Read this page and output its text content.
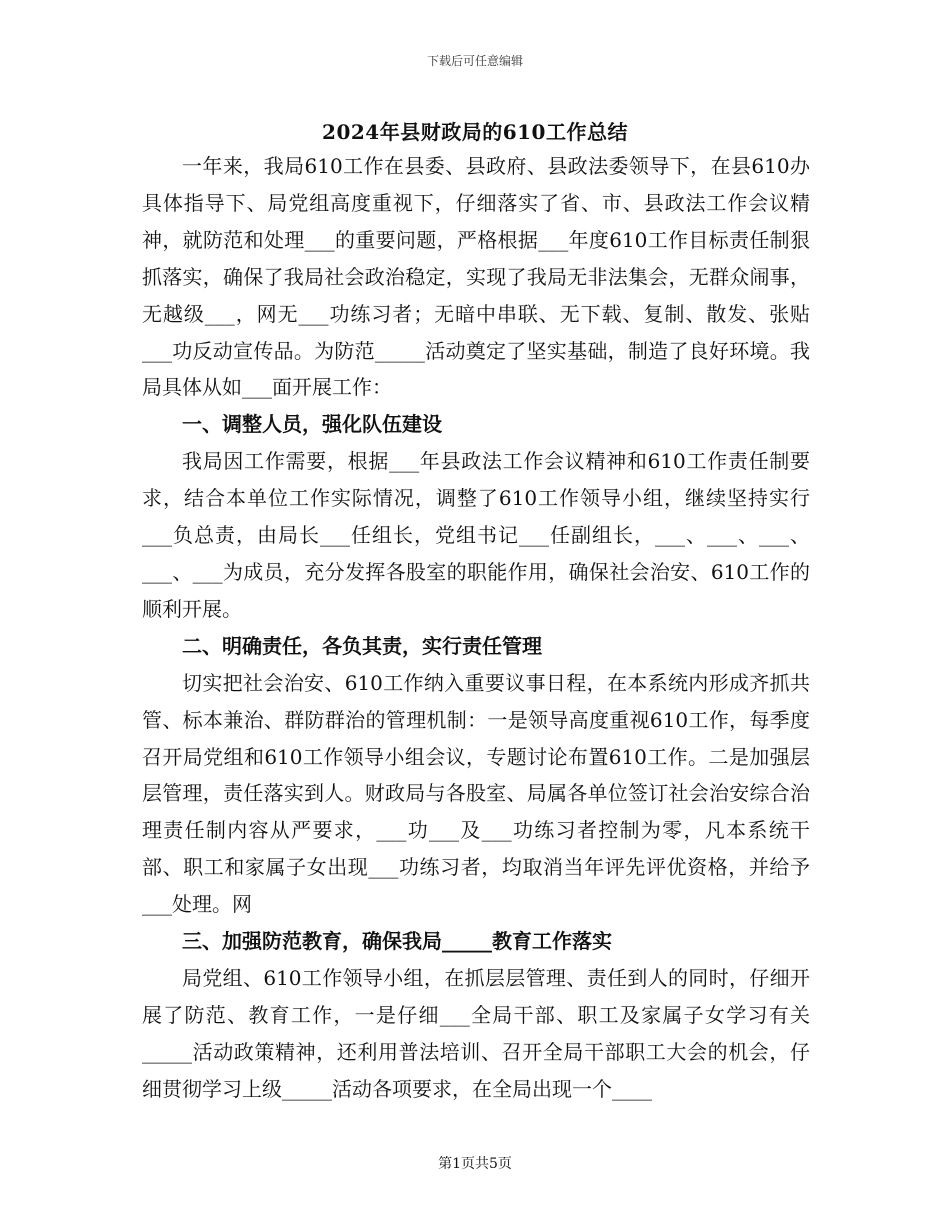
下载后可任意编辑
2024年县财政局的610工作总结

一年来，我局610工作在县委、县政府、县政法委领导下，在县610办具体指导下、局党组高度重视下，仔细落实了省、市、县政法工作会议精神，就防范和处理___的重要问题，严格根据___年度610工作目标责任制狠抓落实，确保了我局社会政治稳定，实现了我局无非法集会，无群众闹事，无越级___，网无___功练习者；无暗中串联、无下载、复制、散发、张贴___功反动宣传品。为防范_____活动奠定了坚实基础，制造了良好环境。我局具体从如___面开展工作：

一、调整人员，强化队伍建设

我局因工作需要，根据___年县政法工作会议精神和610工作责任制要求，结合本单位工作实际情况，调整了610工作领导小组，继续坚持实行___负总责，由局长___任组长，党组书记___任副组长，___、___、___、___、___为成员，充分发挥各股室的职能作用，确保社会治安、610工作的顺利开展。

二、明确责任，各负其责，实行责任管理

切实把社会治安、610工作纳入重要议事日程，在本系统内形成齐抓共管、标本兼治、群防群治的管理机制：一是领导高度重视610工作，每季度召开局党组和610工作领导小组会议，专题讨论布置610工作。二是加强层层管理，责任落实到人。财政局与各股室、局属各单位签订社会治安综合治理责任制内容从严要求，___功___及___功练习者控制为零，凡本系统干部、职工和家属子女出现___功练习者，均取消当年评先评优资格，并给予___处理。网

三、加强防范教育，确保我局_____教育工作落实

局党组、610工作领导小组，在抓层层管理、责任到人的同时，仔细开展了防范、教育工作，一是仔细___全局干部、职工及家属子女学习有关_____活动政策精神，还利用普法培训、召开全局干部职工大会的机会，仔细贯彻学习上级_____活动各项要求，在全局出现一个____

第1页共5页
